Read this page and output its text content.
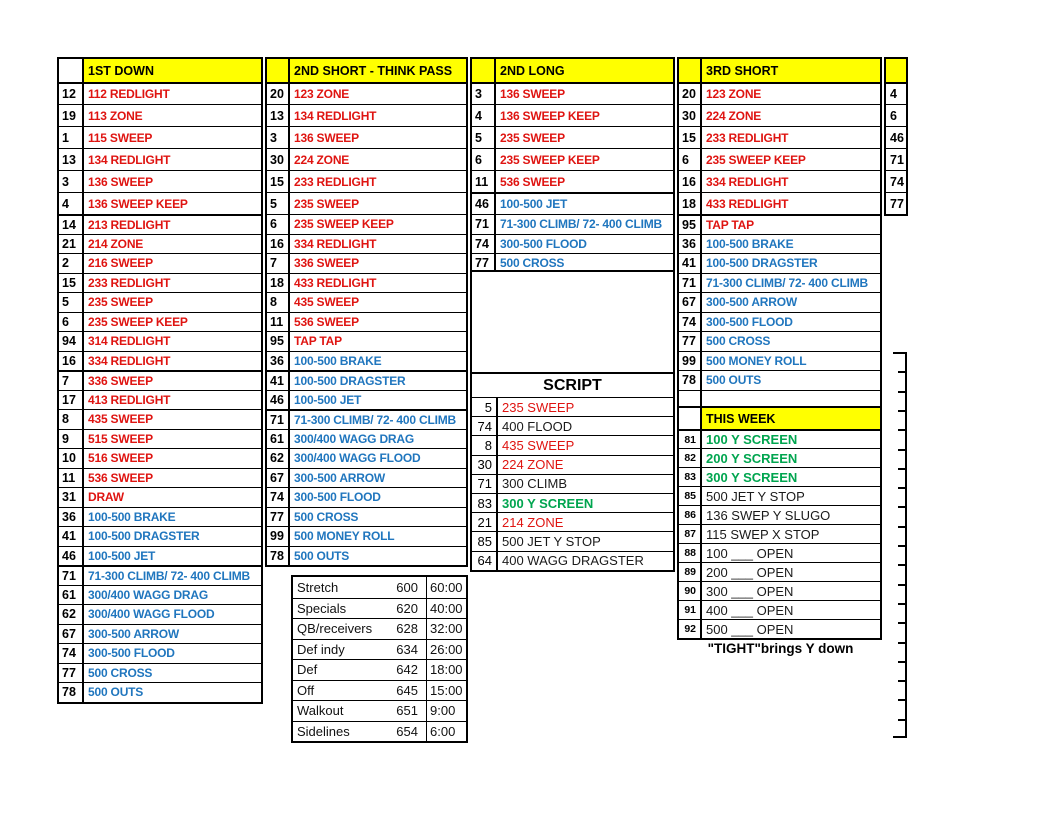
1ST DOWN
12	112 REDLIGHT
19	113 ZONE
1	115 SWEEP
13	134 REDLIGHT
3	136 SWEEP
4	136 SWEEP KEEP
14	213 REDLIGHT
21	214 ZONE
2	216 SWEEP
15	233 REDLIGHT
5	235 SWEEP
6	235 SWEEP KEEP
94	314 REDLIGHT
16	334 REDLIGHT
7	336 SWEEP
17	413 REDLIGHT
8	435 SWEEP
9	515 SWEEP
10	516 SWEEP
11	536 SWEEP
31	DRAW
36	100-500 BRAKE
41	100-500 DRAGSTER
46	100-500 JET
71	71-300 CLIMB/ 72- 400 CLIMB
61	300/400 WAGG DRAG
62	300/400 WAGG FLOOD
67	300-500 ARROW
74	300-500 FLOOD
77	500 CROSS
78	500 OUTS
2ND SHORT - THINK PASS
20 123 ZONE
13 134 REDLIGHT
3	136 SWEEP
30 224 ZONE
15 233 REDLIGHT
5	235 SWEEP
6	235 SWEEP KEEP
16 334 REDLIGHT
7	336 SWEEP
18 433 REDLIGHT
8	435 SWEEP
11 536 SWEEP
95 TAP TAP
36 100-500 BRAKE
41 100-500 DRAGSTER
46 100-500 JET
71 71-300 CLIMB/ 72- 400 CLIMB
61 300/400 WAGG DRAG
62 300/400 WAGG FLOOD
67 300-500 ARROW
74 300-500 FLOOD
77 500 CROSS
99 500 MONEY ROLL
78 500 OUTS
2ND LONG
3	136 SWEEP
4	136 SWEEP KEEP
5	235 SWEEP
6	235 SWEEP KEEP
11 536 SWEEP
46 100-500 JET
71 71-300 CLIMB/ 72- 400 CLIMB
74 300-500 FLOOD
77 500 CROSS
3RD SHORT
20 123 ZONE
30 224 ZONE
15 233 REDLIGHT
6	235 SWEEP KEEP
16 334 REDLIGHT
18 433 REDLIGHT
95 TAP TAP
36 100-500 BRAKE
41 100-500 DRAGSTER
71 71-300 CLIMB/ 72- 400 CLIMB
67 300-500 ARROW
74 300-500 FLOOD
77 500 CROSS
99 500 MONEY ROLL
78 500 OUTS
4
6
46
71
74
77
SCRIPT
5 235 SWEEP
74 400 FLOOD
8 435 SWEEP
30 224 ZONE
71 300 CLIMB
83 300 Y SCREEN
21 214 ZONE
85 500 JET Y STOP
64 400 WAGG DRAGSTER
THIS WEEK
81 100 Y SCREEN
82 200 Y SCREEN
83 300 Y SCREEN
85 500 JET Y STOP
86 136 SWEP Y SLUGO
87 115 SWEP X STOP
88 100 ___ OPEN
89 200 ___ OPEN
90 300 ___ OPEN
91 400 ___ OPEN
92 500 ___ OPEN
Stretch	600 60:00
Specials	620 40:00
QB/receivers	628 32:00
Def indy	634 26:00
Def	642 18:00
Off	645 15:00
Walkout	651 9:00
Sidelines	654 6:00
"TIGHT"brings Y down
